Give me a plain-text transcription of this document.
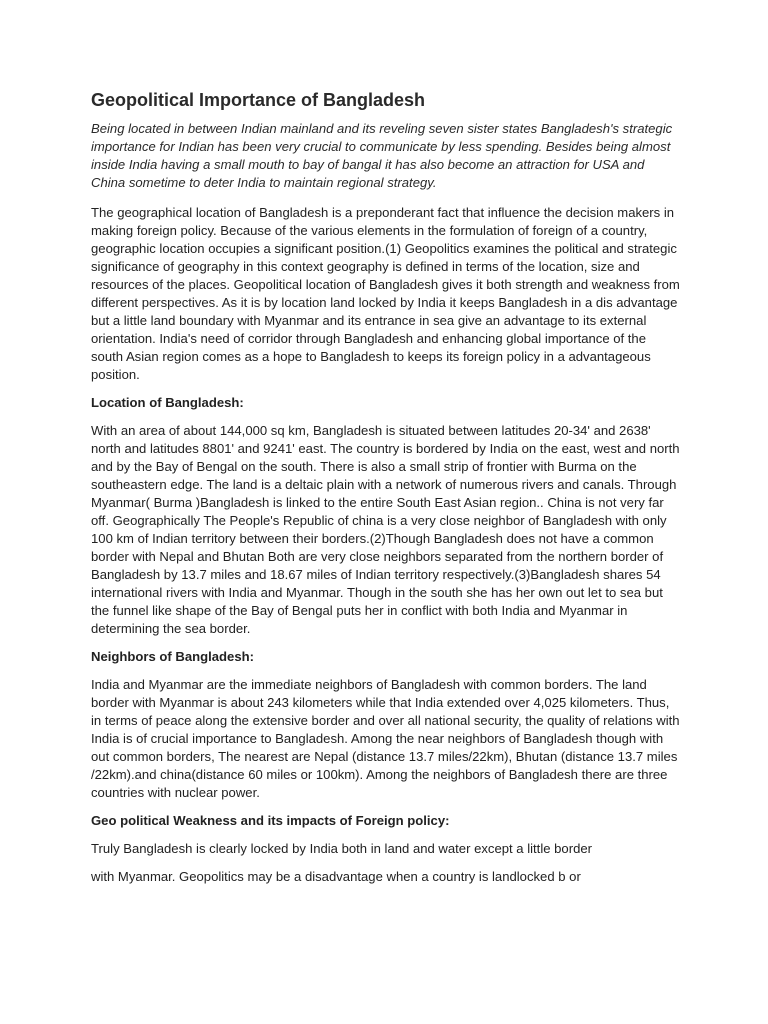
Geopolitical Importance of Bangladesh

Being located in between Indian mainland and its reveling seven sister states Bangladesh's strategic importance for Indian has been very crucial to communicate by less spending. Besides being almost inside India having a small mouth to bay of bangal it has also become an attraction for USA and China sometime to deter India to maintain regional strategy.

The geographical location of Bangladesh is a preponderant fact that influence the decision makers in making foreign policy. Because of the various elements in the formulation of foreign of a country, geographic location occupies a significant position.(1) Geopolitics examines the political and strategic significance of geography in this context geography is defined in terms of the location, size and resources of the places. Geopolitical location of Bangladesh gives it both strength and weakness from different perspectives. As it is by location land locked by India it keeps Bangladesh in a dis advantage but a little land boundary with Myanmar and its entrance in sea give an advantage to its external orientation. India's need of corridor through Bangladesh and enhancing global importance of the south Asian region comes as a hope to Bangladesh to keeps its foreign policy in a advantageous position.

Location of Bangladesh:

With an area of about 144,000 sq km, Bangladesh is situated between latitudes 20-34' and 2638' north and latitudes 8801' and 9241' east. The country is bordered by India on the east, west and north and by the Bay of Bengal on the south. There is also a small strip of frontier with Burma on the southeastern edge. The land is a deltaic plain with a network of numerous rivers and canals. Through Myanmar( Burma )Bangladesh is linked to the entire South East Asian region.. China is not very far off. Geographically The People's Republic of china is a very close neighbor of Bangladesh with only 100 km of Indian territory between their borders.(2)Though Bangladesh does not have a common border with Nepal and Bhutan Both are very close neighbors separated from the northern border of Bangladesh by 13.7 miles and 18.67 miles of Indian territory respectively.(3)Bangladesh shares 54 international rivers with India and Myanmar. Though in the south she has her own out let to sea but the funnel like shape of the Bay of Bengal puts her in conflict with both India and Myanmar in determining the sea border.

Neighbors of Bangladesh:

India and Myanmar are the immediate neighbors of Bangladesh with common borders. The land border with Myanmar is about 243 kilometers while that India extended over 4,025 kilometers. Thus, in terms of peace along the extensive border and over all national security, the quality of relations with India is of crucial importance to Bangladesh. Among the near neighbors of Bangladesh though with out common borders, The nearest are Nepal (distance 13.7 miles/22km), Bhutan (distance 13.7 miles /22km).and china(distance 60 miles or 100km). Among the neighbors of Bangladesh there are three countries with nuclear power.

Geo political Weakness and its impacts of Foreign policy:

Truly Bangladesh is clearly locked by India both in land and water except a little border

with Myanmar. Geopolitics may be a disadvantage when a country is landlocked b or
